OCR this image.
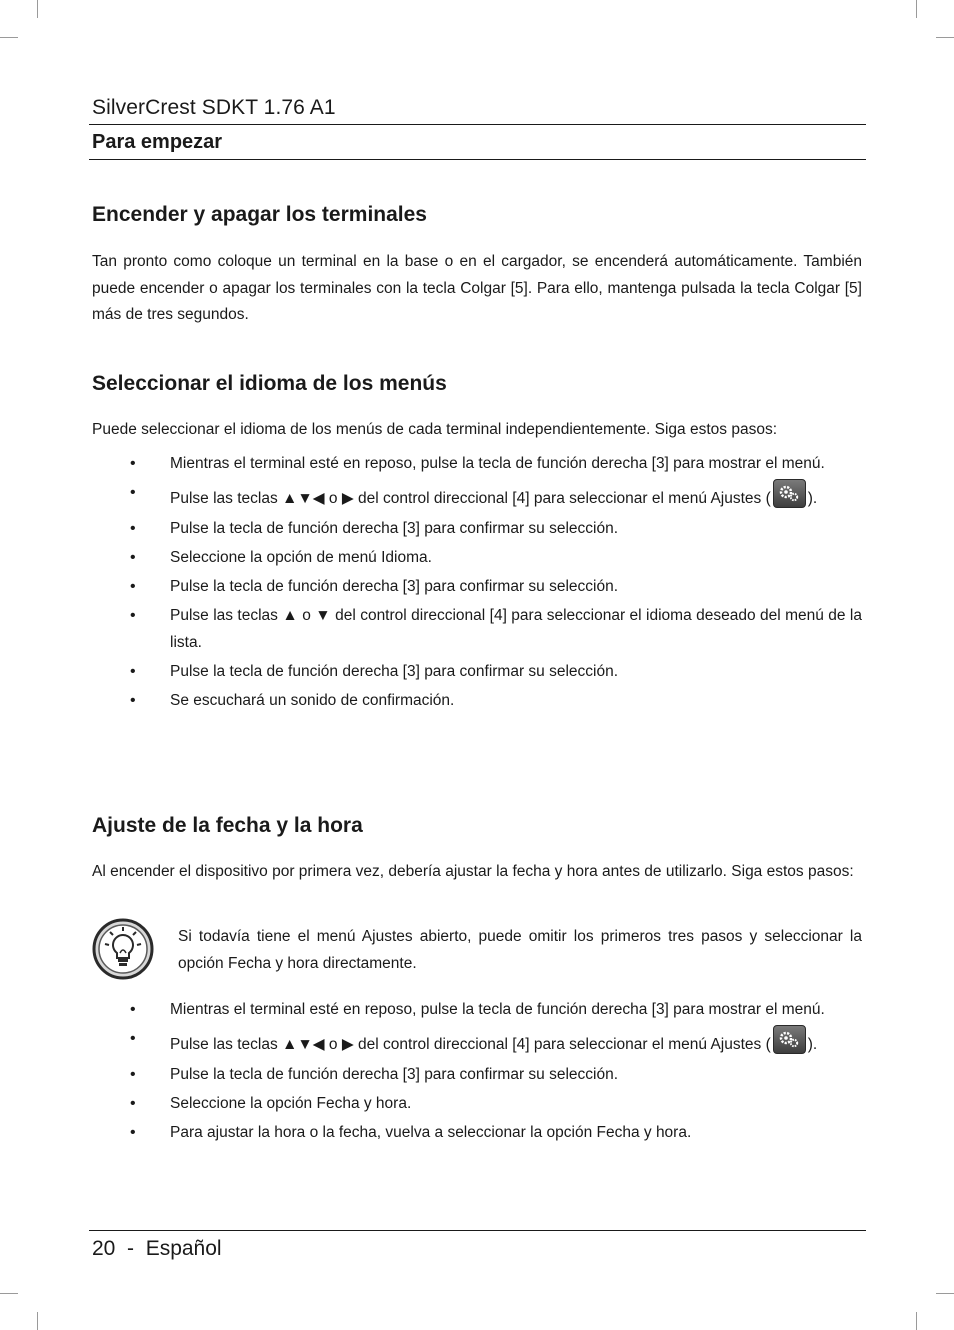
SilverCrest SDKT 1.76 A1
Para empezar
Encender y apagar los terminales

Tan pronto como coloque un terminal en la base o en el cargador, se encenderá automáticamente. También puede encender o apagar los terminales con la tecla Colgar [5]. Para ello, mantenga pulsada la tecla Colgar [5] más de tres segundos.

Seleccionar el idioma de los menús

Puede seleccionar el idioma de los menús de cada terminal independientemente. Siga estos pasos:

• Mientras el terminal esté en reposo, pulse la tecla de función derecha [3] para mostrar el menú.
• Pulse las teclas ▲▼◀ o ▶ del control direccional [4] para seleccionar el menú Ajustes ( ).
• Pulse la tecla de función derecha [3] para confirmar su selección.
• Seleccione la opción de menú Idioma.
• Pulse la tecla de función derecha [3] para confirmar su selección.
• Pulse las teclas ▲ o ▼ del control direccional [4] para seleccionar el idioma deseado del menú de la lista.
• Pulse la tecla de función derecha [3] para confirmar su selección.
• Se escuchará un sonido de confirmación.
Ajuste de la fecha y la hora

Al encender el dispositivo por primera vez, debería ajustar la fecha y hora antes de utilizarlo. Siga estos pasos:

Si todavía tiene el menú Ajustes abierto, puede omitir los primeros tres pasos y seleccionar la opción Fecha y hora directamente.

• Mientras el terminal esté en reposo, pulse la tecla de función derecha [3] para mostrar el menú.
• Pulse las teclas ▲▼◀ o ▶ del control direccional [4] para seleccionar el menú Ajustes ( ).
• Pulse la tecla de función derecha [3] para confirmar su selección.
• Seleccione la opción Fecha y hora.
• Para ajustar la hora o la fecha, vuelva a seleccionar la opción Fecha y hora.
20  -  Español
